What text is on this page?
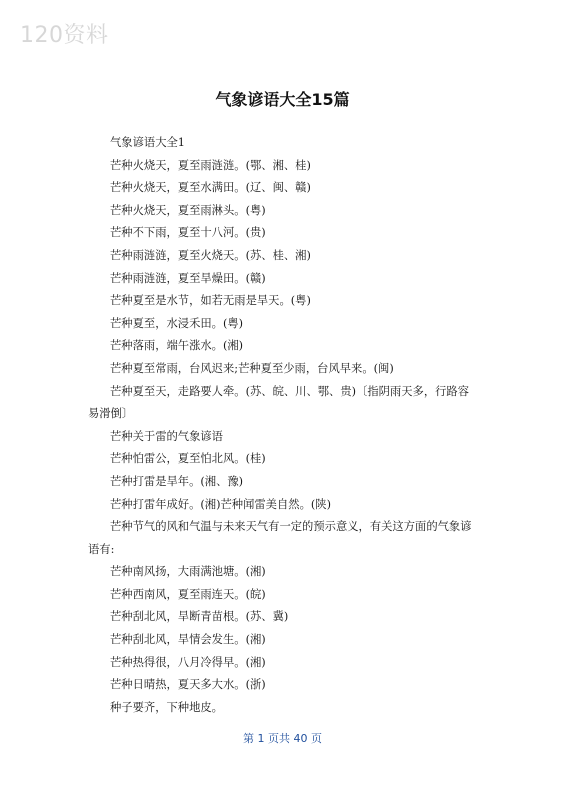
120资料
气象谚语大全15篇

气象谚语大全1

芒种火烧天，夏至雨涟涟。(鄂、湘、桂)

芒种火烧天，夏至水满田。(辽、闽、赣)

芒种火烧天，夏至雨淋头。(粤)

芒种不下雨，夏至十八河。(贵)

芒种雨涟涟，夏至火烧天。(苏、桂、湘)

芒种雨涟涟，夏至旱燥田。(赣)

芒种夏至是水节，如若无雨是旱天。(粤)

芒种夏至，水浸禾田。(粤)

芒种落雨，端午涨水。(湘)

芒种夏至常雨，台风迟来;芒种夏至少雨，台风早来。(闽)

芒种夏至天，走路要人牵。(苏、皖、川、鄂、贵)〔指阴雨天多，行路容易滑倒〕

芒种关于雷的气象谚语

芒种怕雷公，夏至怕北风。(桂)

芒种打雷是旱年。(湘、豫)

芒种打雷年成好。(湘)芒种闻雷美自然。(陕)

芒种节气的风和气温与未来天气有一定的预示意义，有关这方面的气象谚语有:

芒种南风扬，大雨满池塘。(湘)

芒种西南风，夏至雨连天。(皖)

芒种刮北风，旱断青苗根。(苏、冀)

芒种刮北风，旱情会发生。(湘)

芒种热得很，八月冷得早。(湘)

芒种日晴热，夏天多大水。(浙)

种子要齐，下种地皮。

第 1 页共 40 页
